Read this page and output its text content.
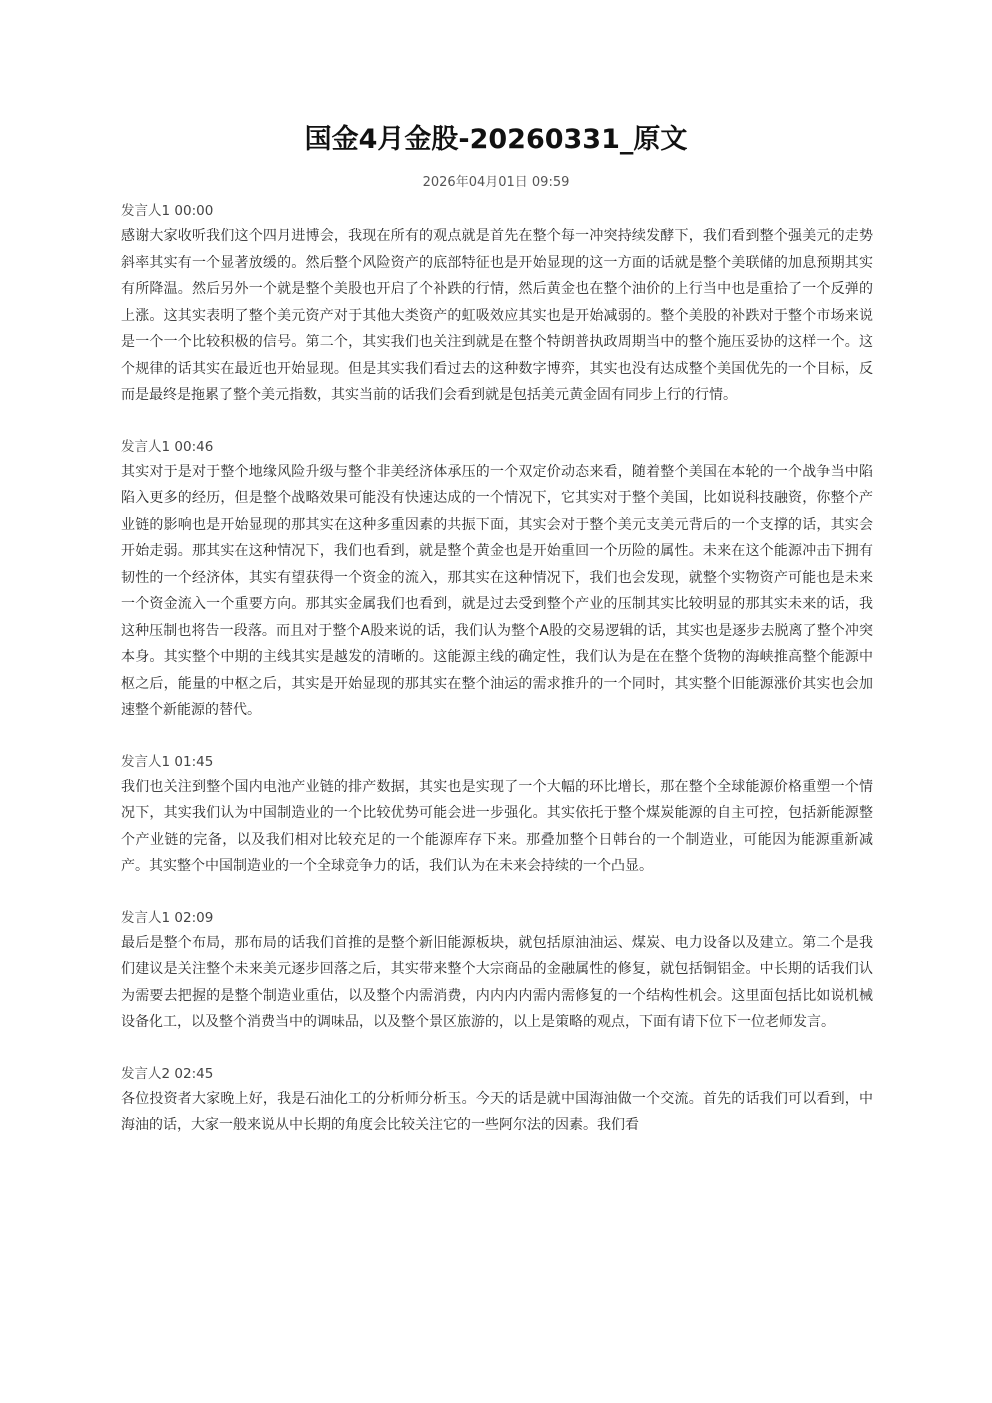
国金4月金股-20260331_原文
2026年04月01日 09:59
发言人1 00:00

感谢大家收听我们这个四月进博会，我现在所有的观点就是首先在整个每一冲突持续发酵下，我们看到整个强美元的走势斜率其实有一个显著放缓的。然后整个风险资产的底部特征也是开始显现的这一方面的话就是整个美联储的加息预期其实有所降温。然后另外一个就是整个美股也开启了个补跌的行情，然后黄金也在整个油价的上行当中也是重拾了一个反弹的上涨。这其实表明了整个美元资产对于其他大类资产的虹吸效应其实也是开始减弱的。整个美股的补跌对于整个市场来说是一个一个比较积极的信号。第二个，其实我们也关注到就是在整个特朗普执政周期当中的整个施压妥协的这样一个。这个规律的话其实在最近也开始显现。但是其实我们看过去的这种数字博弈，其实也没有达成整个美国优先的一个目标，反而是最终是拖累了整个美元指数，其实当前的话我们会看到就是包括美元黄金固有同步上行的行情。

发言人1 00:46

其实对于是对于整个地缘风险升级与整个非美经济体承压的一个双定价动态来看，随着整个美国在本轮的一个战争当中陷陷入更多的经历，但是整个战略效果可能没有快速达成的一个情况下，它其实对于整个美国，比如说科技融资，你整个产业链的影响也是开始显现的那其实在这种多重因素的共振下面，其实会对于整个美元支美元背后的一个支撑的话，其实会开始走弱。那其实在这种情况下，我们也看到，就是整个黄金也是开始重回一个历险的属性。未来在这个能源冲击下拥有韧性的一个经济体，其实有望获得一个资金的流入，那其实在这种情况下，我们也会发现，就整个实物资产可能也是未来一个资金流入一个重要方向。那其实金属我们也看到，就是过去受到整个产业的压制其实比较明显的那其实未来的话，我这种压制也将告一段落。而且对于整个A股来说的话，我们认为整个A股的交易逻辑的话，其实也是逐步去脱离了整个冲突本身。其实整个中期的主线其实是越发的清晰的。这能源主线的确定性，我们认为是在在整个货物的海峡推高整个能源中枢之后，能量的中枢之后，其实是开始显现的那其实在整个油运的需求推升的一个同时，其实整个旧能源涨价其实也会加速整个新能源的替代。

发言人1 01:45

我们也关注到整个国内电池产业链的排产数据，其实也是实现了一个大幅的环比增长，那在整个全球能源价格重塑一个情况下，其实我们认为中国制造业的一个比较优势可能会进一步强化。其实依托于整个煤炭能源的自主可控，包括新能源整个产业链的完备，以及我们相对比较充足的一个能源库存下来。那叠加整个日韩台的一个制造业，可能因为能源重新减产。其实整个中国制造业的一个全球竞争力的话，我们认为在未来会持续的一个凸显。

发言人1 02:09

最后是整个布局，那布局的话我们首推的是整个新旧能源板块，就包括原油油运、煤炭、电力设备以及建立。第二个是我们建议是关注整个未来美元逐步回落之后，其实带来整个大宗商品的金融属性的修复，就包括铜铝金。中长期的话我们认为需要去把握的是整个制造业重估，以及整个内需消费，内内内内需内需修复的一个结构性机会。这里面包括比如说机械设备化工，以及整个消费当中的调味品，以及整个景区旅游的，以上是策略的观点，下面有请下位下一位老师发言。

发言人2 02:45

各位投资者大家晚上好，我是石油化工的分析师分析玉。今天的话是就中国海油做一个交流。首先的话我们可以看到，中海油的话，大家一般来说从中长期的角度会比较关注它的一些阿尔法的因素。我们看
